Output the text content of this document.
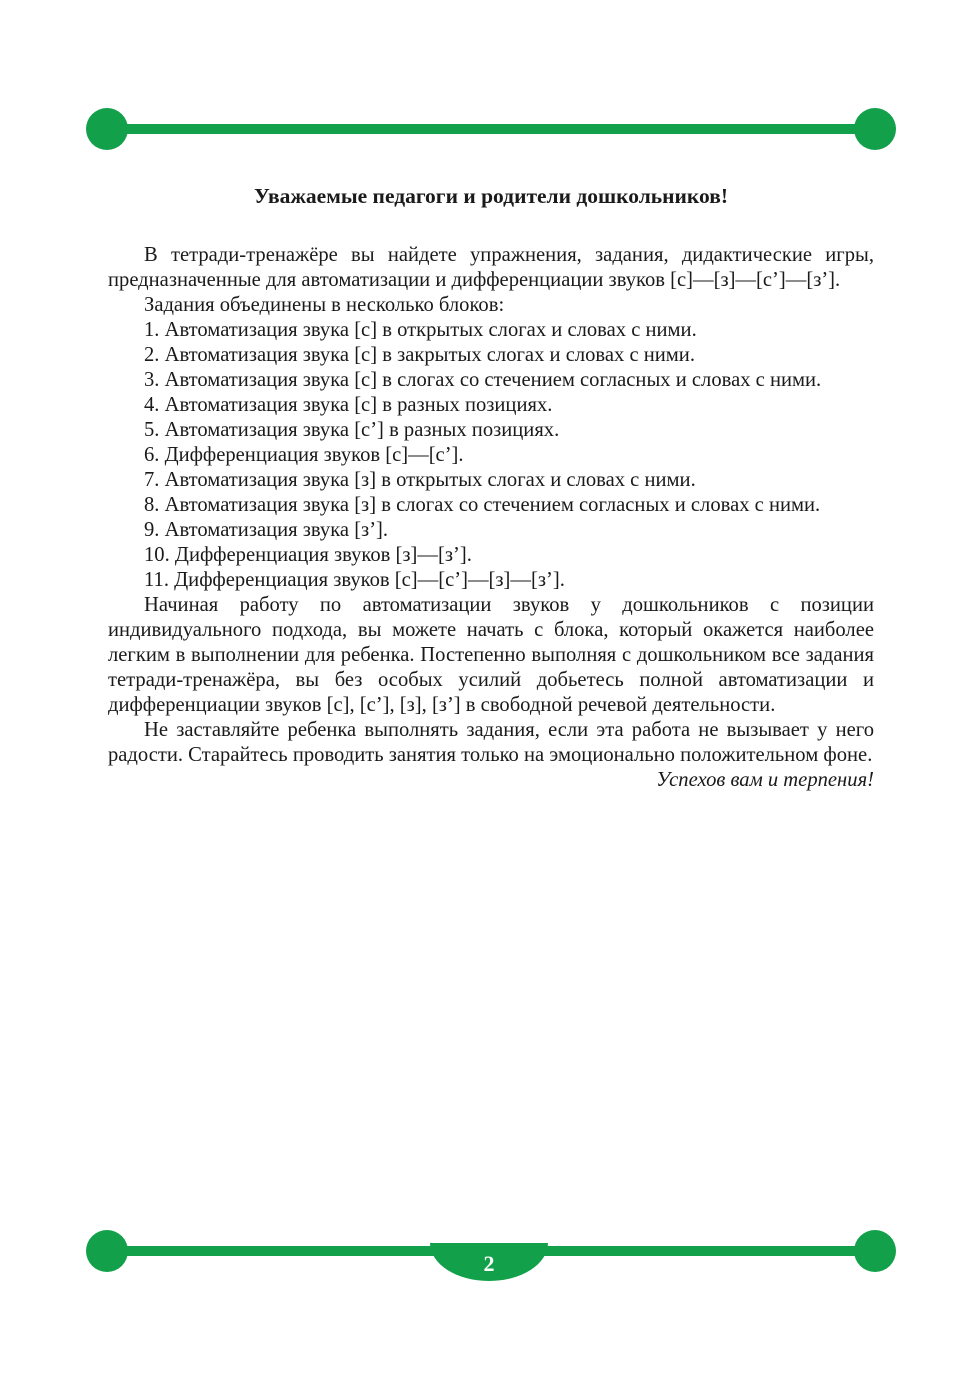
Уважаемые педагоги и родители дошкольников!

В тетради-тренажёре вы найдете упражнения, задания, дидактические игры, предназначенные для автоматизации и дифференциации звуков [с]—[з]—[с’]—[з’].

Задания объединены в несколько блоков:

1. Автоматизация звука [с] в открытых слогах и словах с ними.

2. Автоматизация звука [с] в закрытых слогах и словах с ними.

3. Автоматизация звука [с] в слогах со стечением согласных и словах с ними.

4. Автоматизация звука [с] в разных позициях.

5. Автоматизация звука [с’] в разных позициях.

6. Дифференциация звуков [с]—[с’].

7. Автоматизация звука [з] в открытых слогах и словах с ними.

8. Автоматизация звука [з] в слогах со стечением согласных и словах с ними.

9. Автоматизация звука [з’].

10. Дифференциация звуков [з]—[з’].

11. Дифференциация звуков [с]—[с’]—[з]—[з’].

Начиная работу по автоматизации звуков у дошкольников с позиции индивидуального подхода, вы можете начать с блока, который окажется наиболее легким в выполнении для ребенка. Постепенно выполняя с дошкольником все задания тетради-тренажёра, вы без особых усилий добьетесь полной автоматизации и дифференциации звуков [с], [с’], [з], [з’] в свободной речевой деятельности.

Не заставляйте ребенка выполнять задания, если эта работа не вызывает у него радости. Старайтесь проводить занятия только на эмоционально положительном фоне.

Успехов вам и терпения!

2
